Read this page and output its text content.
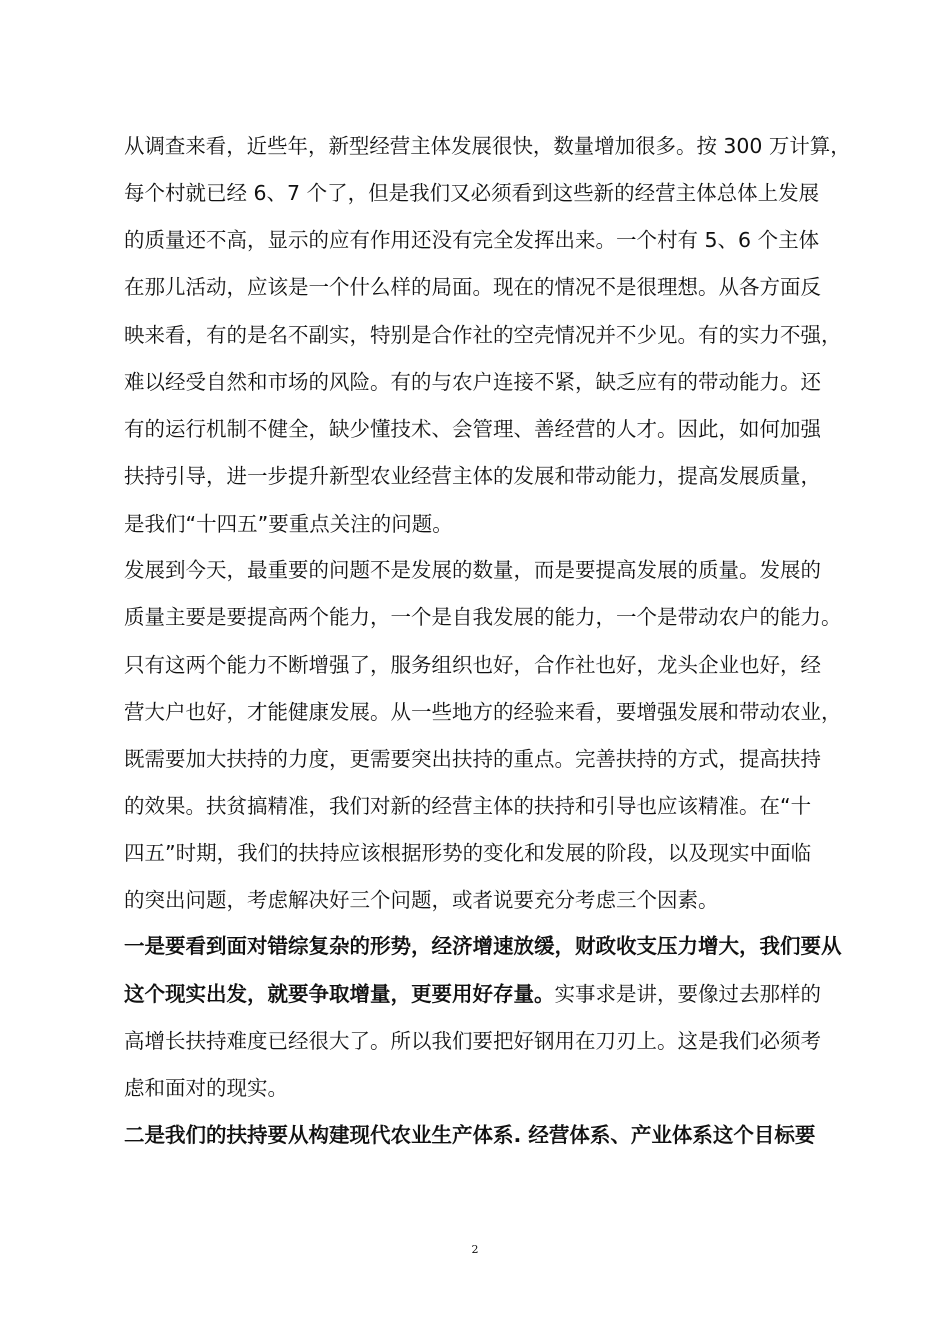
从调查来看，近些年，新型经营主体发展很快，数量增加很多。按 300 万计算，
每个村就已经 6、7 个了，但是我们又必须看到这些新的经营主体总体上发展
的质量还不高，显示的应有作用还没有完全发挥出来。一个村有 5、6 个主体
在那儿活动，应该是一个什么样的局面。现在的情况不是很理想。从各方面反
映来看，有的是名不副实，特别是合作社的空壳情况并不少见。有的实力不强，
难以经受自然和市场的风险。有的与农户连接不紧，缺乏应有的带动能力。还
有的运行机制不健全，缺少懂技术、会管理、善经营的人才。因此，如何加强
扶持引导，进一步提升新型农业经营主体的发展和带动能力，提高发展质量，
是我们“十四五”要重点关注的问题。
发展到今天，最重要的问题不是发展的数量，而是要提高发展的质量。发展的
质量主要是要提高两个能力，一个是自我发展的能力，一个是带动农户的能力。
只有这两个能力不断增强了，服务组织也好，合作社也好，龙头企业也好，经
营大户也好，才能健康发展。从一些地方的经验来看，要增强发展和带动农业，
既需要加大扶持的力度，更需要突出扶持的重点。完善扶持的方式，提高扶持
的效果。扶贫搞精准，我们对新的经营主体的扶持和引导也应该精准。在“十
四五”时期，我们的扶持应该根据形势的变化和发展的阶段，以及现实中面临
的突出问题，考虑解决好三个问题，或者说要充分考虑三个因素。
一是要看到面对错综复杂的形势，经济增速放缓，财政收支压力增大，我们要从
这个现实出发，就要争取增量，更要用好存量。实事求是讲，要像过去那样的
高增长扶持难度已经很大了。所以我们要把好钢用在刀刃上。这是我们必须考
虑和面对的现实。
二是我们的扶持要从构建现代农业生产体系. 经营体系、产业体系这个目标要
2
